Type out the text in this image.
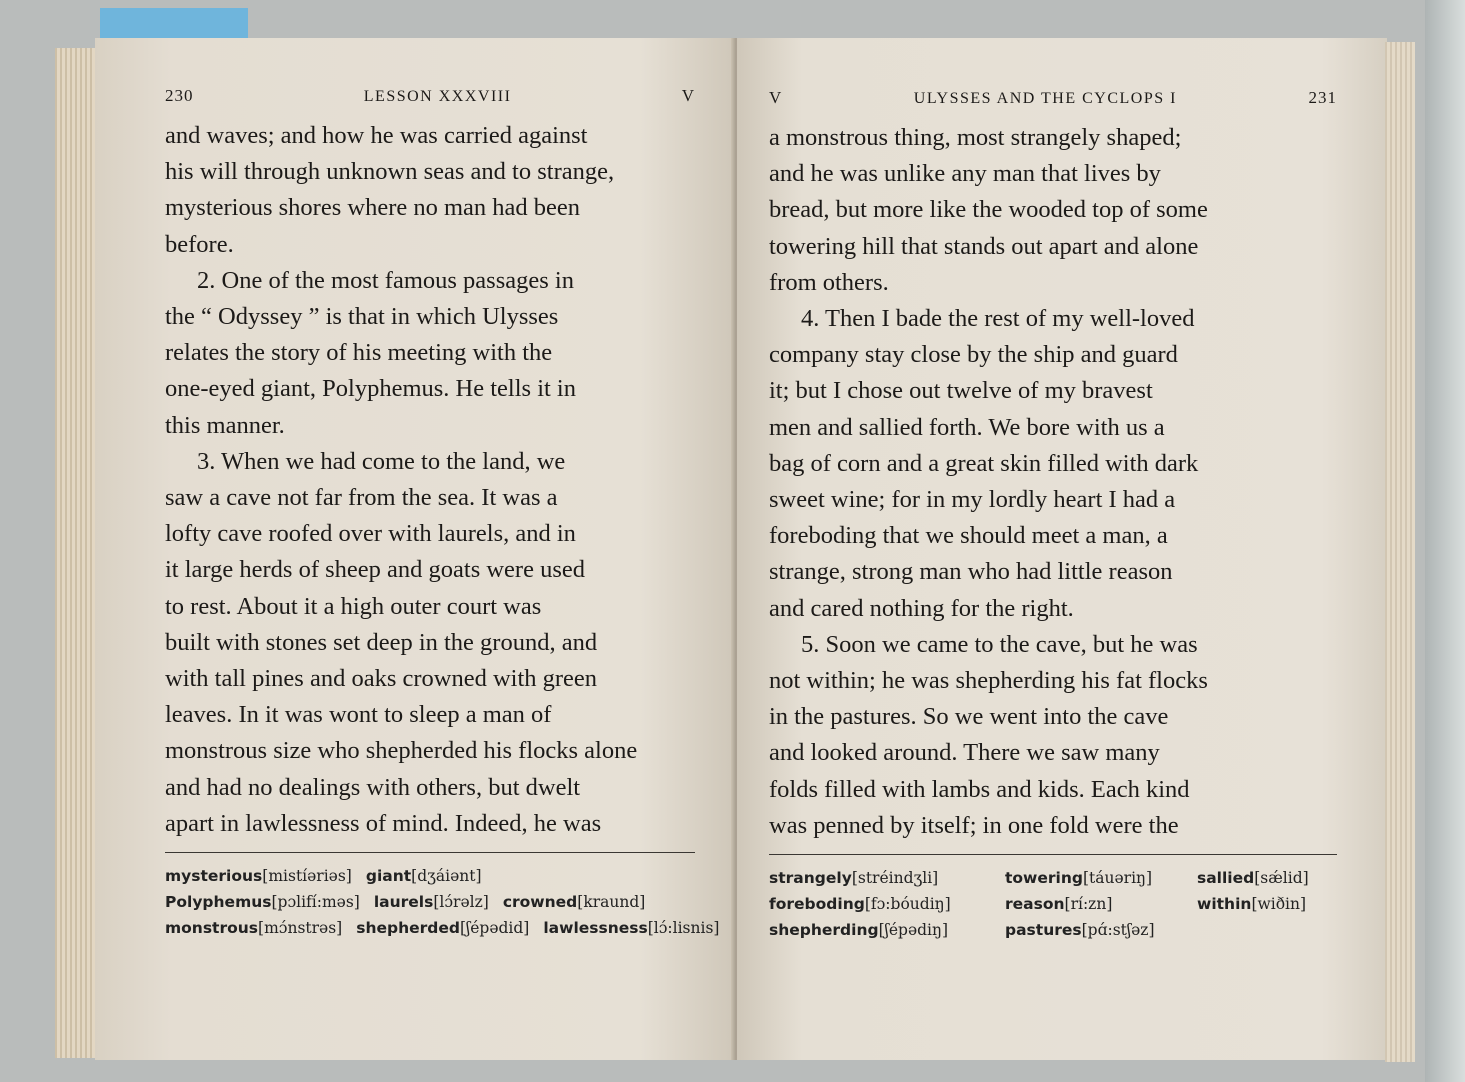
230	LESSON XXXVIII	V

and waves; and how he was carried against

his will through unknown seas and to strange,

mysterious shores where no man had been

before.

2. One of the most famous passages in

the “ Odyssey ” is that in which Ulysses

relates the story of his meeting with the

one-eyed giant, Polyphemus. He tells it in

this manner.

3. When we had come to the land, we

saw a cave not far from the sea. It was a

lofty cave roofed over with laurels, and in

it large herds of sheep and goats were used

to rest. About it a high outer court was

built with stones set deep in the ground, and

with tall pines and oaks crowned with green

leaves. In it was wont to sleep a man of

monstrous size who shepherded his flocks alone

and had no dealings with others, but dwelt

apart in lawlessness of mind. Indeed, he was

mysterious[mistíəriəs] giant[dʒáiənt]
Polyphemus[pɔlifí:məs] laurels[lɔ́rəlz] crowned[kraund]
monstrous[mɔ́nstrəs] shepherded[ʃépədid] lawlessness[lɔ́:lisnis]
V	ULYSSES AND THE CYCLOPS I	231

a monstrous thing, most strangely shaped;

and he was unlike any man that lives by

bread, but more like the wooded top of some

towering hill that stands out apart and alone

from others.

4. Then I bade the rest of my well-loved

company stay close by the ship and guard

it; but I chose out twelve of my bravest

men and sallied forth. We bore with us a

bag of corn and a great skin filled with dark

sweet wine; for in my lordly heart I had a

foreboding that we should meet a man, a

strange, strong man who had little reason

and cared nothing for the right.

5. Soon we came to the cave, but he was

not within; he was shepherding his fat flocks

in the pastures. So we went into the cave

and looked around. There we saw many

folds filled with lambs and kids. Each kind

was penned by itself; in one fold were the

strangely[stréindʒli]	towering[táuəriŋ]	sallied[sǽlid]
foreboding[fɔ:bóudiŋ]	reason[rí:zn]	within[wiðin]
shepherding[ʃépədiŋ]	pastures[pɑ́:stʃəz]
